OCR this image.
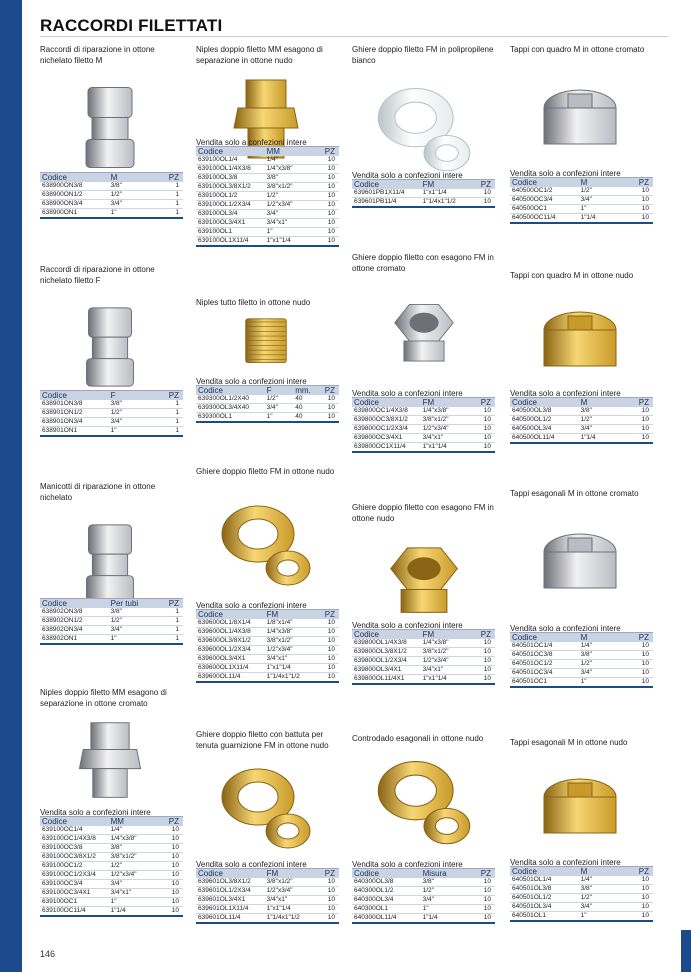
RACCORDI FILETTATI
Raccordi di riparazione in ottone nichelato filetto M
Codice	M	PZ
638900ON3/8	3/8"	1
638900ON1/2	1/2"	1
638900ON3/4	3/4"	1
638900ON1	1"	1
Raccordi di riparazione in ottone nichelato filetto F
Codice	F	PZ
638901ON3/8	3/8"	1
638901ON1/2	1/2"	1
638901ON3/4	3/4"	1
638901ON1	1"	1
Manicotti di riparazione in ottone nichelato
Codice	Per tubi	PZ
638902ON3/8	3/8"	1
638902ON1/2	1/2"	1
638902ON3/4	3/4"	1
638902ON1	1"	1
Niples doppio filetto MM esagono di separazione in ottone cromato
Vendita solo a confezioni intere
Codice	MM	PZ
639100OC1/4	1/4"	10
639100OC1/4X3/8	1/4"x3/8"	10
639100OC3/8	3/8"	10
639100OC3/8X1/2	3/8"x1/2"	10
639100OC1/2	1/2"	10
639100OC1/2X3/4	1/2"x3/4"	10
639100OC3/4	3/4"	10
639100OC3/4X1	3/4"x1"	10
639100OC1	1"	10
639100OC11/4	1"1/4	10
Niples doppio filetto MM esagono di separazione in ottone nudo
Vendita solo a confezioni intere
Codice	MM	PZ
639100OL1/4	1/4"	10
639100OL1/4X3/8	1/4"x3/8"	10
639100OL3/8	3/8"	10
639100OL3/8X1/2	3/8"x1/2"	10
639100OL1/2	1/2"	10
639100OL1/2X3/4	1/2"x3/4"	10
639100OL3/4	3/4"	10
639100OL3/4X1	3/4"x1"	10
639100OL1	1"	10
639100OL1X11/4	1"x1"1/4	10
Niples tutto filetto in ottone nudo
Vendita solo a confezioni intere
Codice	F	mm.	PZ
639300OL1/2X40	1/2"	40	10
639300OL3/4X40	3/4"	40	10
639300OL1	1"	40	10
Ghiere doppio filetto FM in ottone nudo
Vendita solo a confezioni intere
Codice	FM	PZ
639600OL1/8X1/4	1/8"x1/4"	10
639600OL1/4X3/8	1/4"x3/8"	10
639600OL3/8X1/2	3/8"x1/2"	10
639600OL1/2X3/4	1/2"x3/4"	10
639600OL3/4X1	3/4"x1"	10
639600OL1X11/4	1"x1"1/4	10
639600OL11/4	1"1/4x1"1/2	10
Ghiere doppio filetto con battuta per tenuta guarnizione FM in ottone nudo
Vendita solo a confezioni intere
Codice	FM	PZ
639601OL3/8X1/2	3/8"x1/2"	10
639601OL1/2X3/4	1/2"x3/4"	10
639601OL3/4X1	3/4"x1"	10
639601OL1X11/4	1"x1"1/4	10
639601OL11/4	1"1/4x1"1/2	10
Ghiere doppio filetto FM in polipropilene bianco
Vendita solo a confezioni intere
Codice	FM	PZ
639601PB1X11/4	1"x1"1/4	10
639601PB11/4	1"1/4x1"1/2	10
Ghiere doppio filetto con esagono FM in ottone cromato
Vendita solo a confezioni intere
Codice	FM	PZ
639800OC1/4X3/8	1/4"x3/8"	10
639800OC3/8X1/2	3/8"x1/2"	10
639800OC1/2X3/4	1/2"x3/4"	10
639800OC3/4X1	3/4"x1"	10
639800OC1X11/4	1"x1"1/4	10
Ghiere doppio filetto con esagono FM in ottone nudo
Vendita solo a confezioni intere
Codice	FM	PZ
639800OL1/4X3/8	1/4"x3/8"	10
639800OL3/8X1/2	3/8"x1/2"	10
639800OL1/2X3/4	1/2"x3/4"	10
639800OL3/4X1	3/4"x1"	10
639800OL11/4X1	1"x1"1/4	10
Controdado esagonali in ottone nudo
Vendita solo a confezioni intere
Codice	Misura	PZ
640300OL3/8	3/8"	10
640300OL1/2	1/2"	10
640300OL3/4	3/4"	10
640300OL1	1"	10
640300OL11/4	1"1/4	10
Tappi con quadro M in ottone cromato
Vendita solo a confezioni intere
Codice	M	PZ
640500OC1/2	1/2"	10
640500OC3/4	3/4"	10
640500OC1	1"	10
640500OC11/4	1"1/4	10
Tappi con quadro M in ottone nudo
Vendita solo a confezioni intere
Codice	M	PZ
640500OL3/8	3/8"	10
640500OL1/2	1/2"	10
640500OL3/4	3/4"	10
640500OL11/4	1"1/4	10
Tappi esagonali M in ottone cromato
Vendita solo a confezioni intere
Codice	M	PZ
640501OC1/4	1/4"	10
640501OC3/8	3/8"	10
640501OC1/2	1/2"	10
640501OC3/4	3/4"	10
640501OC1	1"	10
Tappi esagonali M in ottone nudo
Vendita solo a confezioni intere
Codice	M	PZ
640501OL1/4	1/4"	10
640501OL3/8	3/8"	10
640501OL1/2	1/2"	10
640501OL3/4	3/4"	10
640501OL1	1"	10
146
